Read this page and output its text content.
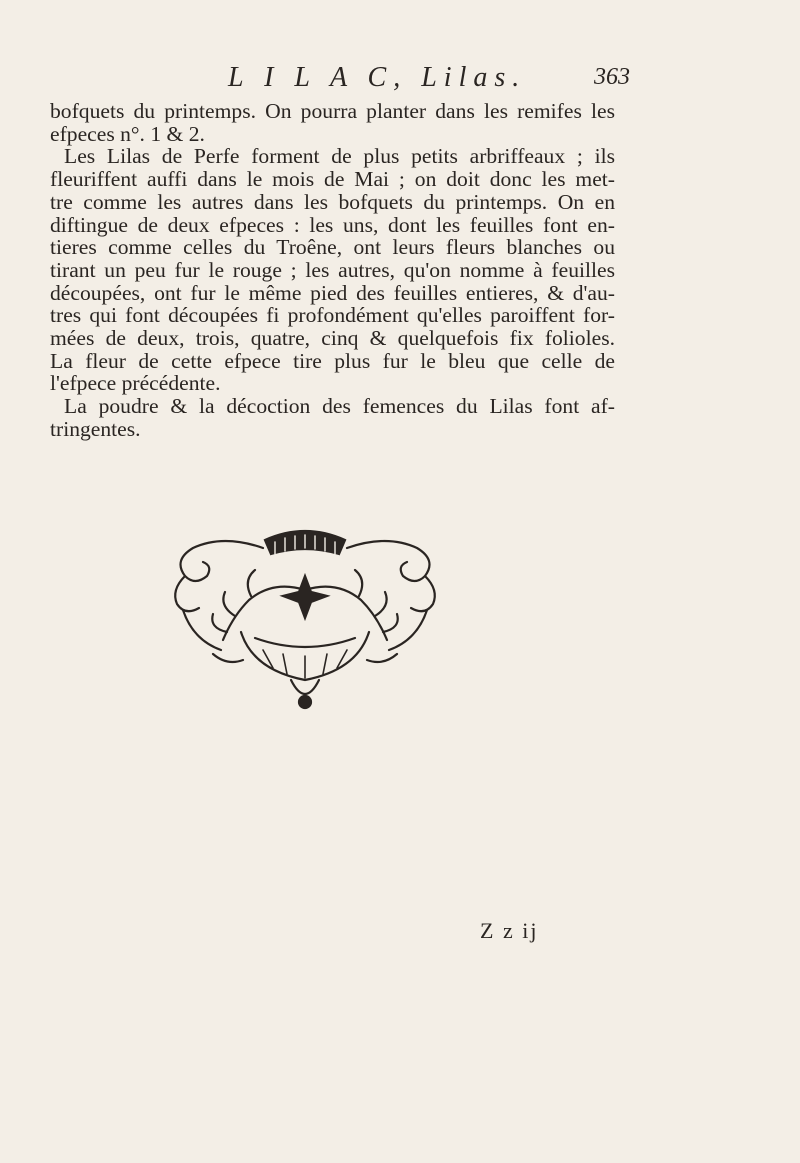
L I L A C, Lilas.	363
bofquets du printemps. On pourra planter dans les remifes les
efpeces n°. 1 & 2.
Les Lilas de Perfe forment de plus petits arbriffeaux ; ils
fleuriffent auffi dans le mois de Mai ; on doit donc les met-
tre comme les autres dans les bofquets du printemps. On en
diftingue de deux efpeces : les uns, dont les feuilles font en-
tieres comme celles du Troêne, ont leurs fleurs blanches ou
tirant un peu fur le rouge ; les autres, qu'on nomme à feuilles
découpées, ont fur le même pied des feuilles entieres, & d'au-
tres qui font découpées fi profondément qu'elles paroiffent for-
mées de deux, trois, quatre, cinq & quelquefois fix folioles.
La fleur de cette efpece tire plus fur le bleu que celle de
l'efpece précédente.
La poudre & la décoction des femences du Lilas font af-
tringentes.
Z z ij
